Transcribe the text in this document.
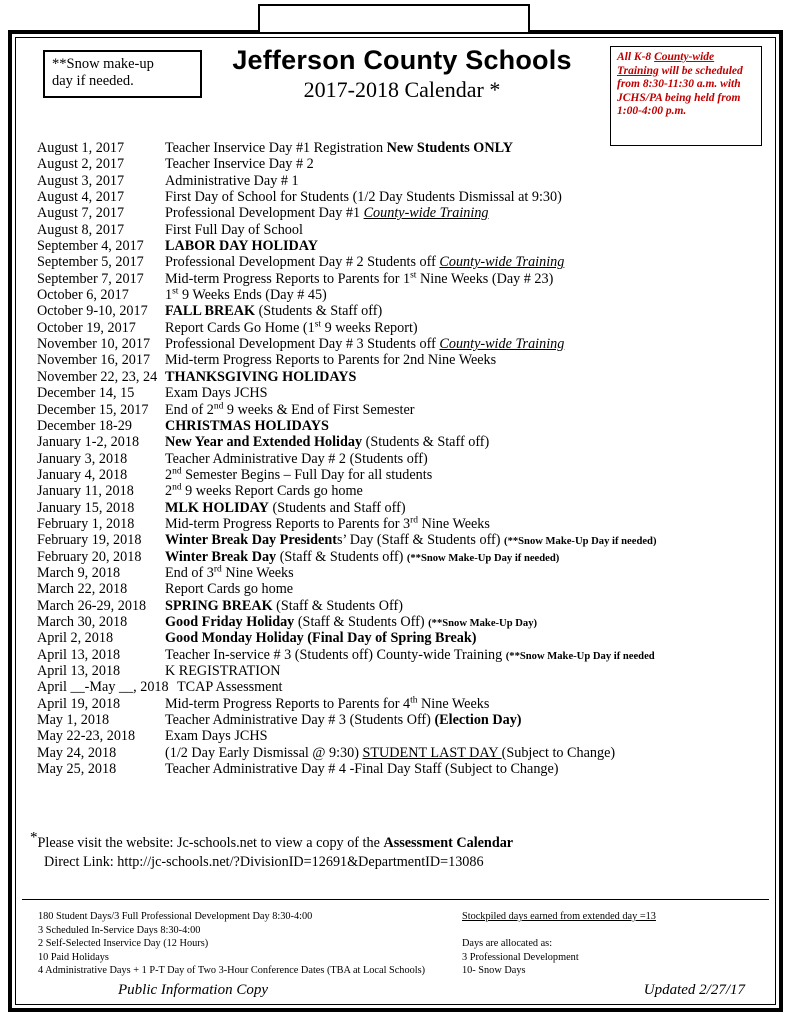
**Snow make-up
day if needed.
Jefferson County Schools
2017-2018 Calendar *
All K-8 County-wide Training will be scheduled from 8:30-11:30 a.m. with JCHS/PA being held from 1:00-4:00 p.m.
August 1, 2017	Teacher Inservice Day #1 Registration New Students ONLY
August 2, 2017	Teacher Inservice Day # 2
August 3, 2017	Administrative Day # 1
August 4, 2017	First Day of School for Students (1/2 Day Students Dismissal at 9:30)
August 7, 2017	Professional Development Day #1 County-wide Training
August 8, 2017	First Full Day of School
September 4, 2017	LABOR DAY HOLIDAY
September 5, 2017	Professional Development Day # 2 Students off County-wide Training
September 7, 2017	Mid-term Progress Reports to Parents for 1st Nine Weeks (Day # 23)
October 6, 2017	1st 9 Weeks Ends (Day # 45)
October 9-10, 2017	FALL BREAK (Students & Staff off)
October 19, 2017	Report Cards Go Home (1st 9 weeks Report)
November 10, 2017	Professional Development Day # 3 Students off County-wide Training
November 16, 2017	Mid-term Progress Reports to Parents for 2nd Nine Weeks
November 22, 23, 24 THANKSGIVING HOLIDAYS
December 14, 15	Exam Days JCHS
December 15, 2017	End of 2nd 9 weeks & End of First Semester
December 18-29	CHRISTMAS HOLIDAYS
January 1-2, 2018	New Year and Extended Holiday (Students & Staff off)
January 3, 2018	Teacher Administrative Day # 2 (Students off)
January 4, 2018	2nd Semester Begins – Full Day for all students
January 11, 2018	2nd 9 weeks Report Cards go home
January 15, 2018	MLK HOLIDAY (Students and Staff off)
February 1, 2018	Mid-term Progress Reports to Parents for 3rd Nine Weeks
February 19, 2018	Winter Break Day Presidents’ Day (Staff & Students off) (**Snow Make-Up Day if needed)
February 20, 2018	Winter Break Day (Staff & Students off) (**Snow Make-Up Day if needed)
March 9, 2018	End of 3rd Nine Weeks
March 22, 2018	Report Cards go home
March 26-29, 2018	SPRING BREAK (Staff & Students Off)
March 30, 2018	Good Friday Holiday (Staff & Students Off) (**Snow Make-Up Day)
April 2, 2018	Good Monday Holiday (Final Day of Spring Break)
April 13, 2018	Teacher In-service # 3 (Students off) County-wide Training (**Snow Make-Up Day if needed
April 13, 2018	K REGISTRATION
April __-May __, 2018 TCAP Assessment
April 19, 2018	Mid-term Progress Reports to Parents for 4th Nine Weeks
May 1, 2018	Teacher Administrative Day # 3 (Students Off) (Election Day)
May 22-23, 2018	Exam Days JCHS
May 24, 2018	(1/2 Day Early Dismissal @ 9:30) STUDENT LAST DAY (Subject to Change)
May 25, 2018	Teacher Administrative Day # 4 -Final Day Staff (Subject to Change)
*Please visit the website: Jc-schools.net to view a copy of the Assessment Calendar
Direct Link: http://jc-schools.net/?DivisionID=12691&DepartmentID=13086
180 Student Days/3 Full Professional Development Day 8:30-4:00
3 Scheduled In-Service Days 8:30-4:00
2 Self-Selected Inservice Day (12 Hours)
10 Paid Holidays
4 Administrative Days + 1 P-T Day of Two 3-Hour Conference Dates (TBA at Local Schools)
Stockpiled days earned from extended day =13
Days are allocated as:
3 Professional Development
10- Snow Days
Public Information Copy	Updated 2/27/17
